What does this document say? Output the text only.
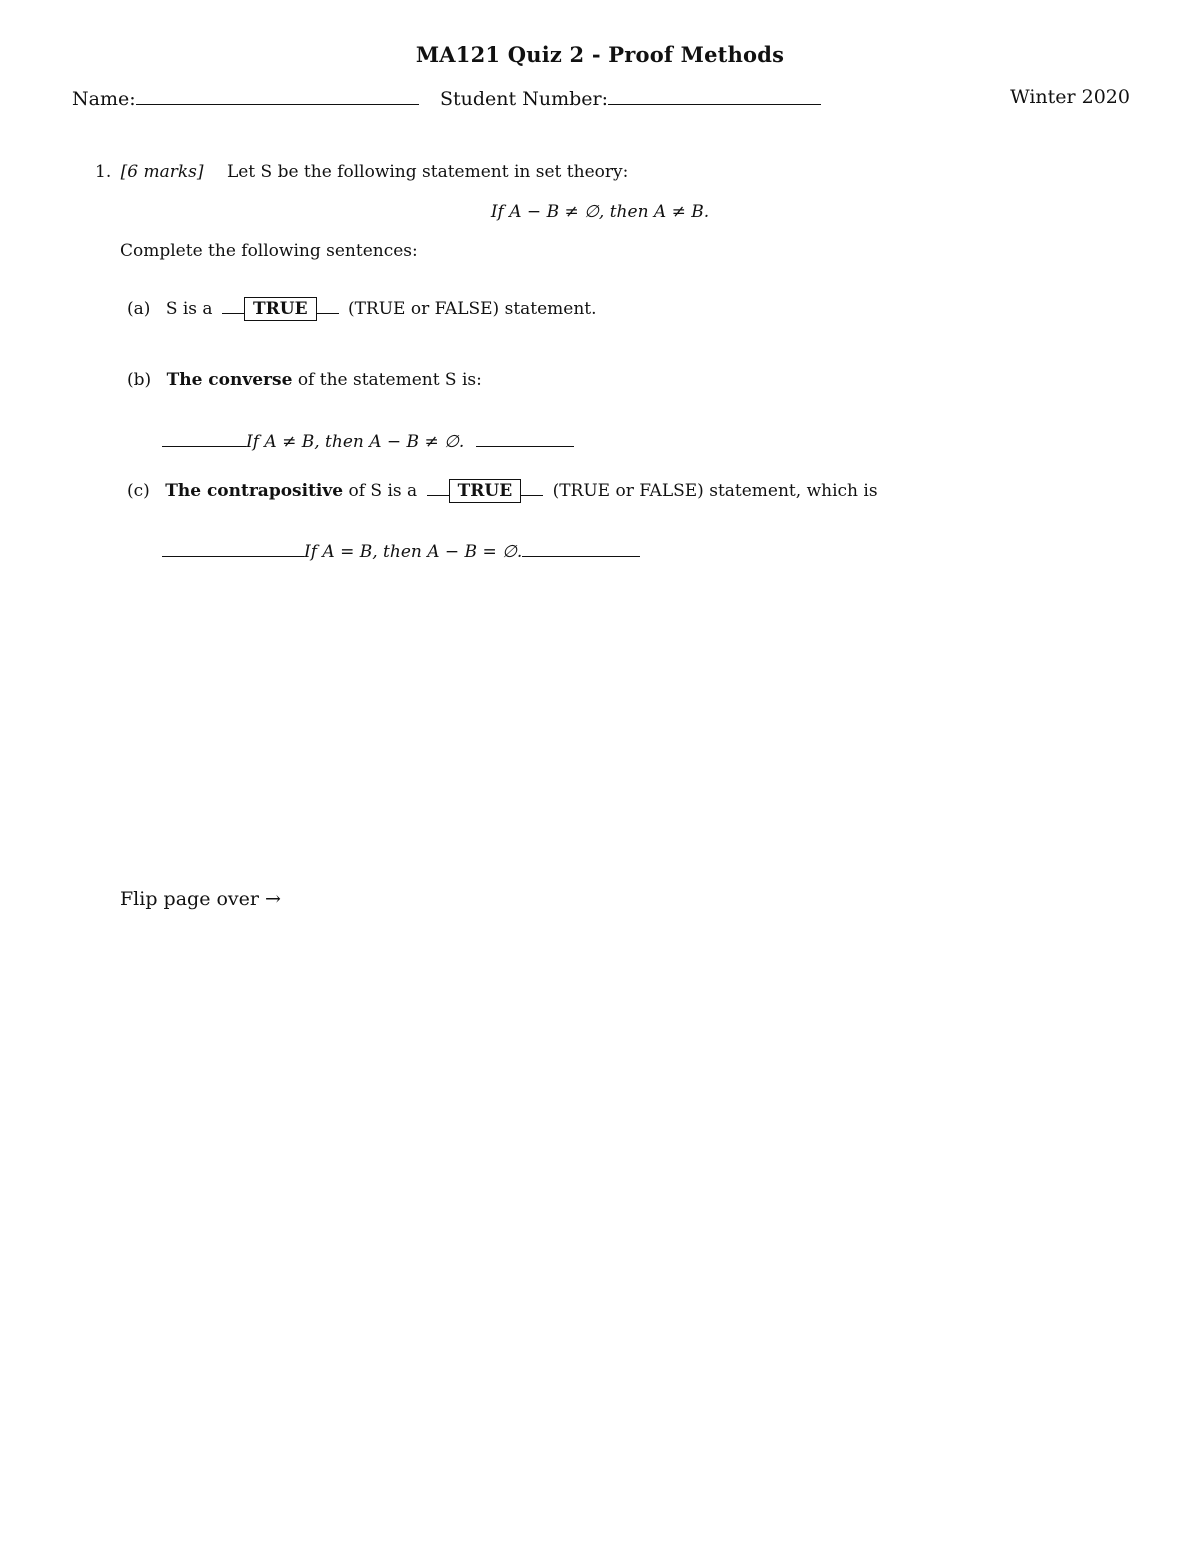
MA121 Quiz 2 - Proof Methods
Name:	Student Number:	Winter 2020
1. [6 marks] Let S be the following statement in set theory:
If A − B ≠ ∅, then A ≠ B.
Complete the following sentences:
(a) S is a TRUE (TRUE or FALSE) statement.
(b) The converse of the statement S is:
If A ≠ B, then A − B ≠ ∅.
(c) The contrapositive of S is a TRUE (TRUE or FALSE) statement, which is
If A = B, then A − B = ∅.
Flip page over →
